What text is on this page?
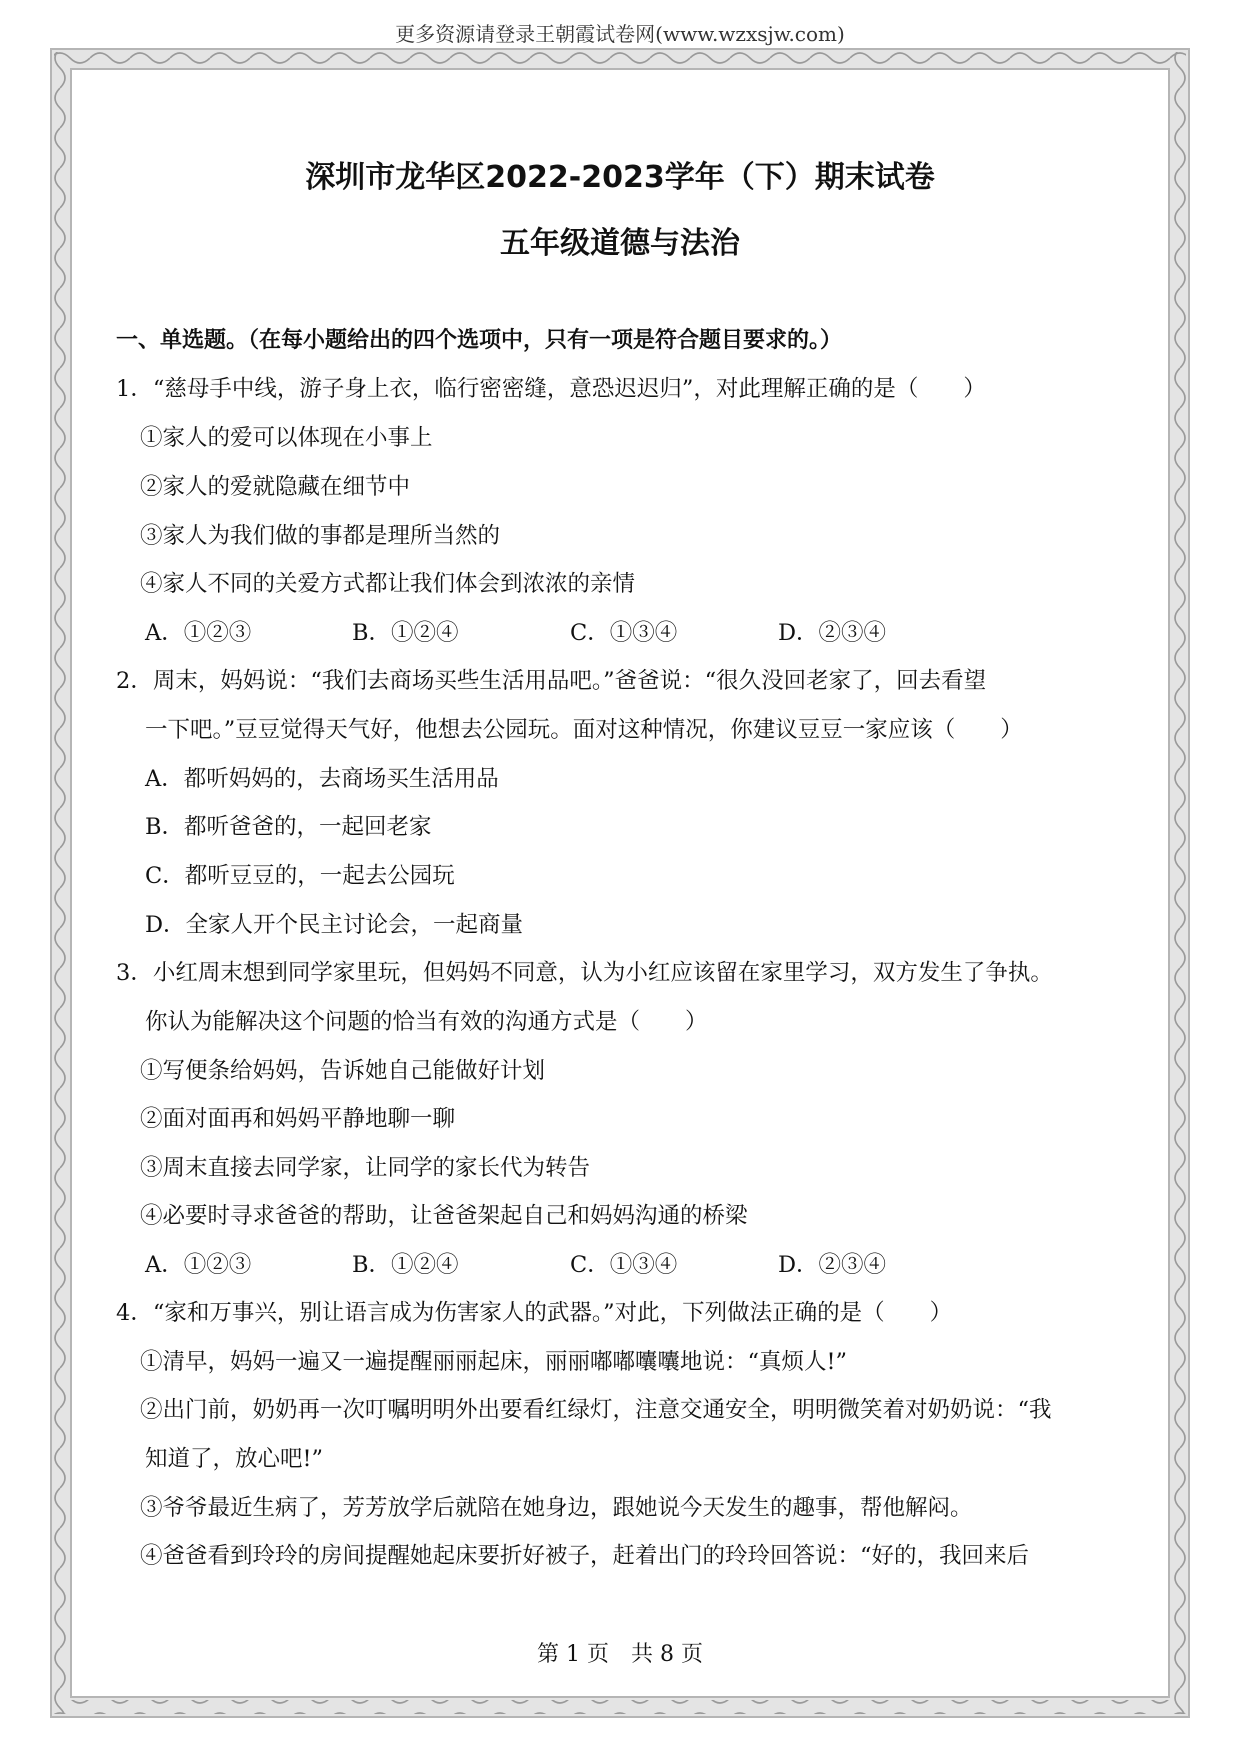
更多资源请登录王朝霞试卷网(www.wzxsjw.com)
深圳市龙华区2022-2023学年（下）期末试卷
五年级道德与法治
一、单选题。（在每小题给出的四个选项中，只有一项是符合题目要求的。）
1．“慈母手中线，游子身上衣，临行密密缝，意恐迟迟归”，对此理解正确的是（　　）
①家人的爱可以体现在小事上
②家人的爱就隐藏在细节中
③家人为我们做的事都是理所当然的
④家人不同的关爱方式都让我们体会到浓浓的亲情
A．①②③	B．①②④	C．①③④	D．②③④
2．周末，妈妈说：“我们去商场买些生活用品吧。”爸爸说：“很久没回老家了，回去看望
一下吧。”豆豆觉得天气好，他想去公园玩。面对这种情况，你建议豆豆一家应该（　　）
A．都听妈妈的，去商场买生活用品
B．都听爸爸的，一起回老家
C．都听豆豆的，一起去公园玩
D．全家人开个民主讨论会，一起商量
3．小红周末想到同学家里玩，但妈妈不同意，认为小红应该留在家里学习，双方发生了争执。
你认为能解决这个问题的恰当有效的沟通方式是（　　）
①写便条给妈妈，告诉她自己能做好计划
②面对面再和妈妈平静地聊一聊
③周末直接去同学家，让同学的家长代为转告
④必要时寻求爸爸的帮助，让爸爸架起自己和妈妈沟通的桥梁
A．①②③	B．①②④	C．①③④	D．②③④
4．“家和万事兴，别让语言成为伤害家人的武器。”对此，下列做法正确的是（　　）
①清早，妈妈一遍又一遍提醒丽丽起床，丽丽嘟嘟囔囔地说：“真烦人!”
②出门前，奶奶再一次叮嘱明明外出要看红绿灯，注意交通安全，明明微笑着对奶奶说：“我
知道了，放心吧!”
③爷爷最近生病了，芳芳放学后就陪在她身边，跟她说今天发生的趣事，帮他解闷。
④爸爸看到玲玲的房间提醒她起床要折好被子，赶着出门的玲玲回答说：“好的，我回来后
第 1 页　共 8 页
